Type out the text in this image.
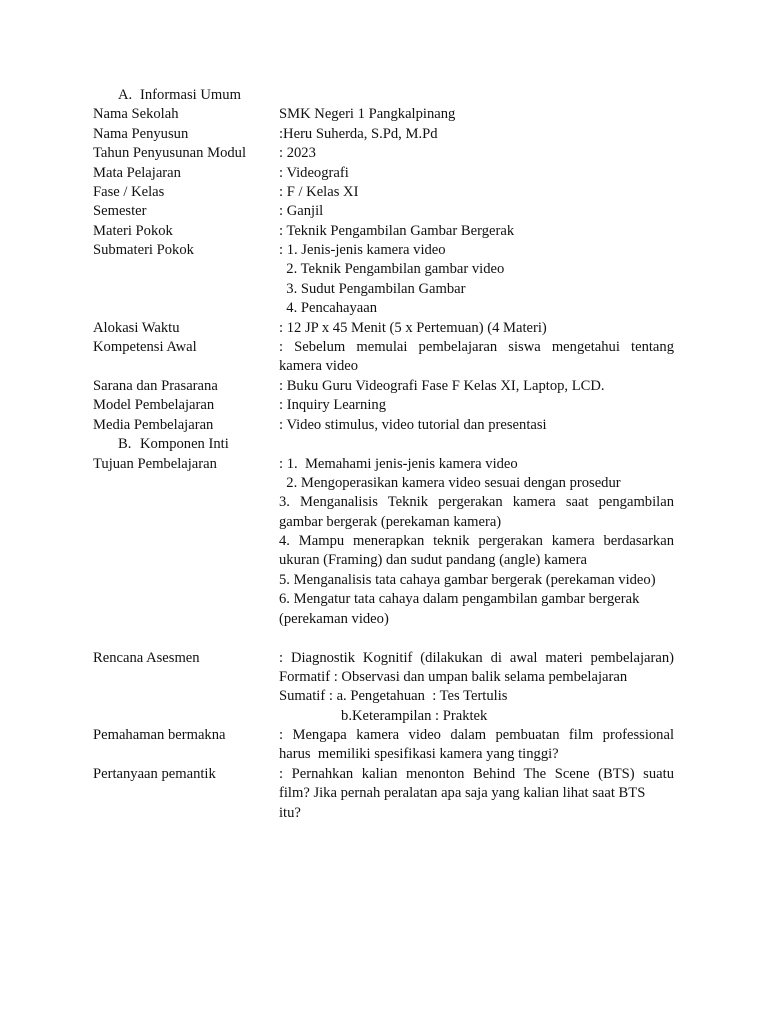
A. Informasi Umum
B. Komponen Inti
Nama Sekolah	SMK Negeri 1 Pangkalpinang
Nama Penyusun	:Heru Suherda, S.Pd, M.Pd
Tahun Penyusunan Modul	: 2023
Mata Pelajaran	: Videografi
Fase / Kelas	: F / Kelas XI
Semester	: Ganjil
Materi Pokok	: Teknik Pengambilan Gambar Bergerak
Submateri Pokok	: 1. Jenis-jenis kamera video
2. Teknik Pengambilan gambar video
3. Sudut Pengambilan Gambar
4. Pencahayaan
Alokasi Waktu	: 12 JP x 45 Menit (5 x Pertemuan) (4 Materi)
Kompetensi Awal	: Sebelum memulai pembelajaran siswa mengetahui tentang
kamera video
Sarana dan Prasarana	: Buku Guru Videografi Fase F Kelas XI, Laptop, LCD.
Model Pembelajaran	: Inquiry Learning
Media Pembelajaran	: Video stimulus, video tutorial dan presentasi
Tujuan Pembelajaran	: 1.  Memahami jenis-jenis kamera video
2. Mengoperasikan kamera video sesuai dengan prosedur
3. Menganalisis Teknik pergerakan kamera saat pengambilan
gambar bergerak (perekaman kamera)
4. Mampu menerapkan teknik pergerakan kamera berdasarkan
ukuran (Framing) dan sudut pandang (angle) kamera
5. Menganalisis tata cahaya gambar bergerak (perekaman video)
6. Mengatur tata cahaya dalam pengambilan gambar bergerak
(perekaman video)
Rencana Asesmen	: Diagnostik Kognitif (dilakukan di awal materi pembelajaran)
Formatif : Observasi dan umpan balik selama pembelajaran
Sumatif : a. Pengetahuan  : Tes Tertulis
b.Keterampilan : Praktek
Pemahaman bermakna	: Mengapa kamera video dalam pembuatan film professional
harus  memiliki spesifikasi kamera yang tinggi?
Pertanyaan pemantik	: Pernahkan kalian menonton Behind The Scene (BTS) suatu
film? Jika pernah peralatan apa saja yang kalian lihat saat BTS
itu?
